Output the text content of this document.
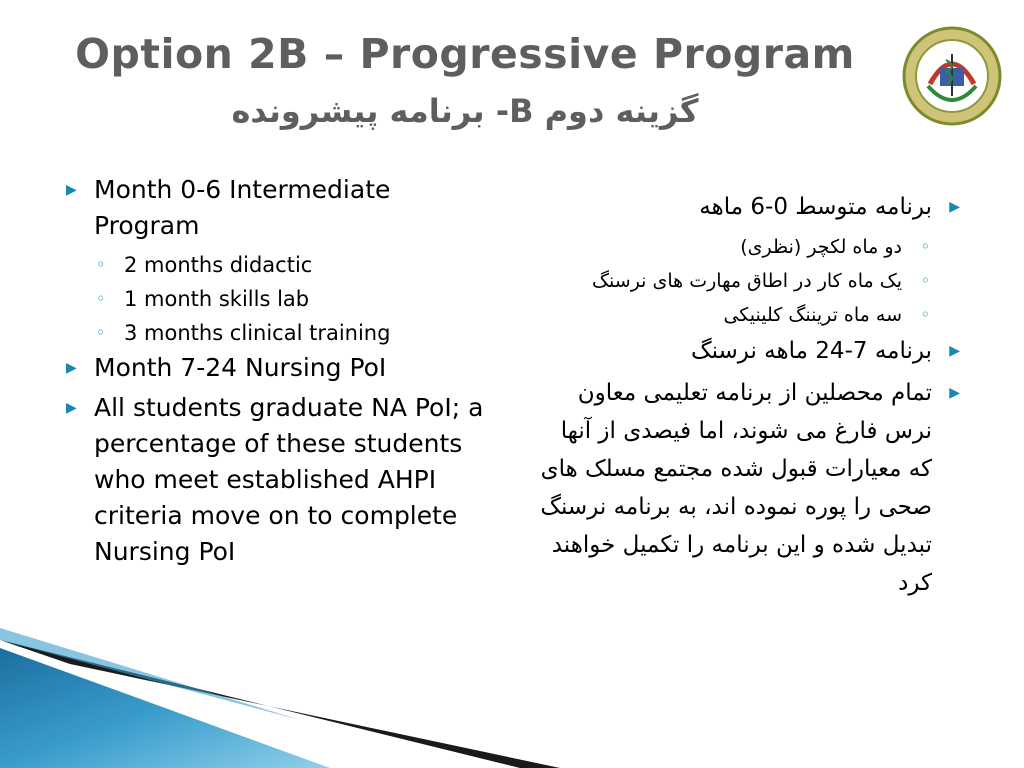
Option 2B – Progressive Program
گزینه دوم B- برنامه پیشرونده
▶ Month 0-6 Intermediate Program
◦ 2 months didactic
◦ 1 month skills lab
◦ 3 months clinical training
▶ Month 7-24 Nursing PoI
▶ All students graduate NA PoI; a percentage of these students who meet established AHPI criteria move on to complete Nursing PoI
▶
برنامه متوسط 0-6 ماهه
◦
دو ماه لکچر (نظری)
◦
یک ماه کار در اطاق مهارت های نرسنگ
◦
سه ماه تریننگ کلینیکی
▶
برنامه 7-24 ماهه نرسنگ
▶
تمام محصلین از برنامه تعلیمی معاون نرس فارغ می شوند، اما فیصدی از آنها که معیارات قبول شده مجتمع مسلک های صحی را پوره نموده اند، به برنامه نرسنگ تبدیل شده و این برنامه را تکمیل خواهند کرد
